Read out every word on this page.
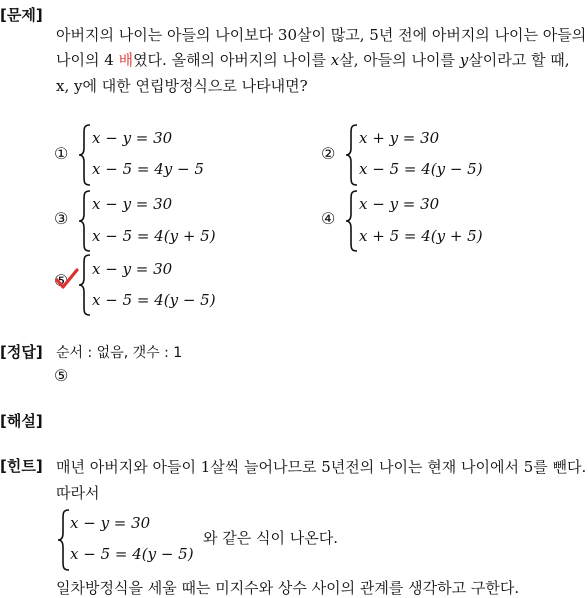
[문제]
아버지의 나이는 아들의 나이보다 30살이 많고, 5년 전에 아버지의 나이는 아들의
나이의 4 배였다. 올해의 아버지의 나이를 x살, 아들의 나이를 y살이라고 할 때,
x, y에 대한 연립방정식으로 나타내면?
①
x − y = 30
x − 5 = 4y − 5
②
x + y = 30
x − 5 = 4(y − 5)
③
x − y = 30
x − 5 = 4(y + 5)
④
x − y = 30
x + 5 = 4(y + 5)
⑤
x − y = 30
x − 5 = 4(y − 5)
[정답] 순서 : 없음, 갯수 : 1
⑤
[해설]
[힌트] 매년 아버지와 아들이 1살씩 늘어나므로 5년전의 나이는 현재 나이에서 5를 뺀다.
따라서
x − y = 30
x − 5 = 4(y − 5)
와 같은 식이 나온다.
일차방정식을 세울 때는 미지수와 상수 사이의 관계를 생각하고 구한다.
